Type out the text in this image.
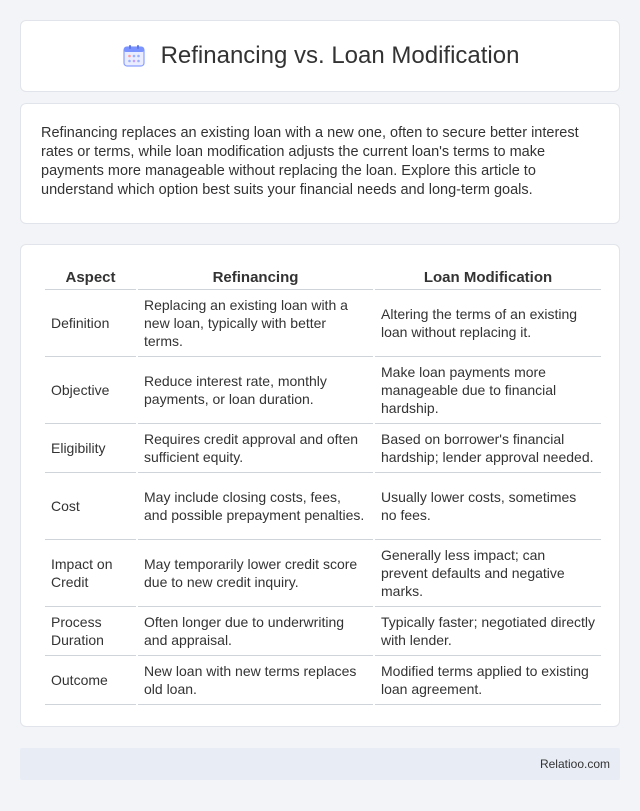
Refinancing vs. Loan Modification

Refinancing replaces an existing loan with a new one, often to secure better interest rates or terms, while loan modification adjusts the current loan's terms to make payments more manageable without replacing the loan. Explore this article to understand which option best suits your financial needs and long-term goals.

Aspect	Refinancing	Loan Modification
Definition	Replacing an existing loan with a new loan, typically with better terms.	Altering the terms of an existing loan without replacing it.
Objective	Reduce interest rate, monthly payments, or loan duration.	Make loan payments more manageable due to financial hardship.
Eligibility	Requires credit approval and often sufficient equity.	Based on borrower's financial hardship; lender approval needed.
Cost	May include closing costs, fees, and possible prepayment penalties.	Usually lower costs, sometimes no fees.
Impact on Credit	May temporarily lower credit score due to new credit inquiry.	Generally less impact; can prevent defaults and negative marks.
Process Duration	Often longer due to underwriting and appraisal.	Typically faster; negotiated directly with lender.
Outcome	New loan with new terms replaces old loan.	Modified terms applied to existing loan agreement.
Relatioo.com
